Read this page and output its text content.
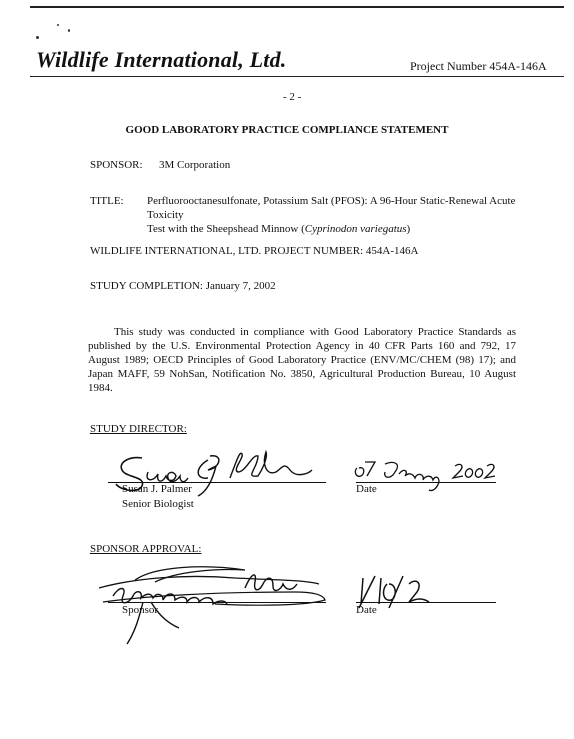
Wildlife International, Ltd.	Project Number 454A-146A
- 2 -
GOOD LABORATORY PRACTICE COMPLIANCE STATEMENT
SPONSOR: 3M Corporation
TITLE: Perfluorooctanesulfonate, Potassium Salt (PFOS): A 96-Hour Static-Renewal Acute Toxicity
Test with the Sheepshead Minnow (Cyprinodon variegatus)
WILDLIFE INTERNATIONAL, LTD. PROJECT NUMBER: 454A-146A
STUDY COMPLETION: January 7, 2002
This study was conducted in compliance with Good Laboratory Practice Standards as published by the U.S. Environmental Protection Agency in 40 CFR Parts 160 and 792, 17 August 1989; OECD Principles of Good Laboratory Practice (ENV/MC/CHEM (98) 17); and Japan MAFF, 59 NohSan, Notification No. 3850, Agricultural Production Bureau, 10 August 1984.
STUDY DIRECTOR:
Susan J. Palmer
Senior Biologist
Date
SPONSOR APPROVAL:
Sponsor	Date
